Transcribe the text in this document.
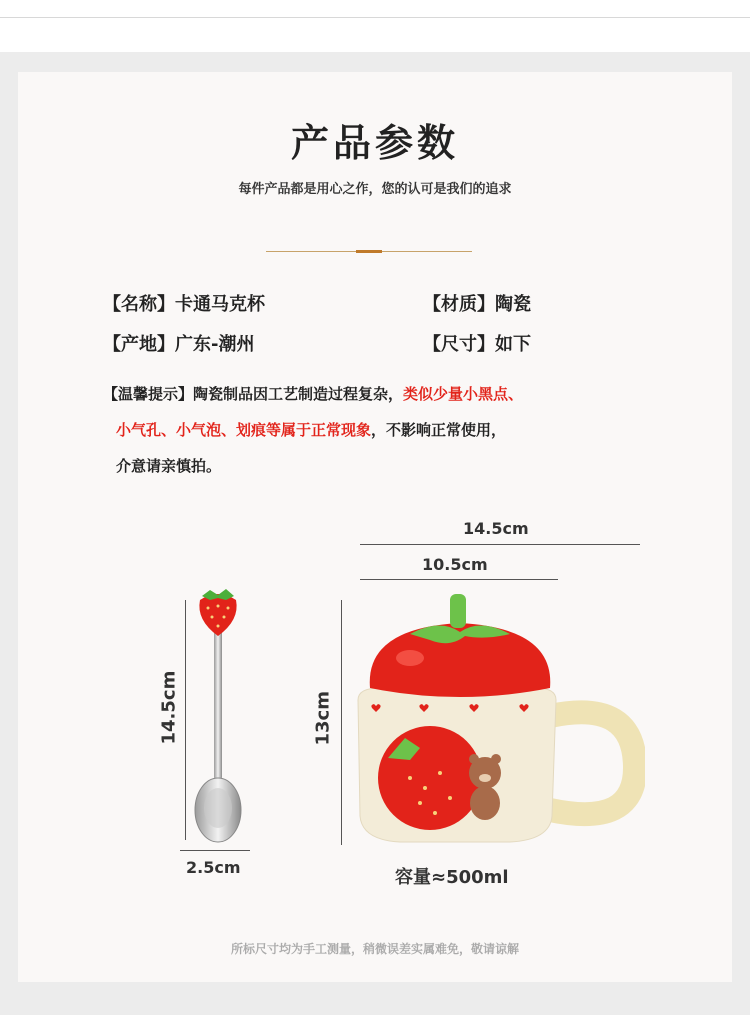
产品参数
每件产品都是用心之作，您的认可是我们的追求
【名称】卡通马克杯	【材质】陶瓷
【产地】广东-潮州	【尺寸】如下
【温馨提示】陶瓷制品因工艺制造过程复杂，类似少量小黑点、
小气孔、小气泡、划痕等属于正常现象，不影响正常使用，
介意请亲慎拍。
14.5cm
10.5cm
13cm
14.5cm
2.5cm	容量≈500ml
所标尺寸均为手工测量，稍微误差实属难免，敬请谅解
